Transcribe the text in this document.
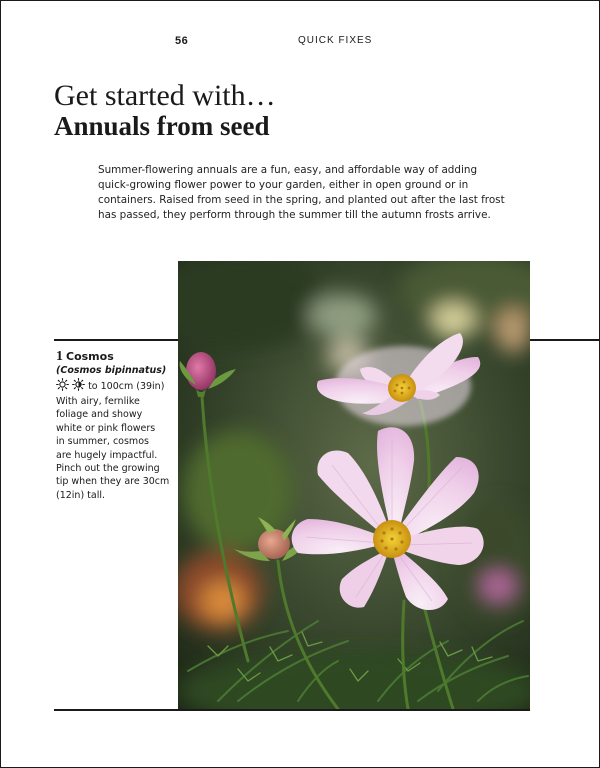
56	QUICK FIXES
Get started with…
Annuals from seed
Summer-flowering annuals are a fun, easy, and affordable way of adding
quick-growing flower power to your garden, either in open ground or in
containers. Raised from seed in the spring, and planted out after the last frost
has passed, they perform through the summer till the autumn frosts arrive.
1 Cosmos
(Cosmos bipinnatus)
to 100cm (39in)
With airy, fernlike
foliage and showy
white or pink flowers
in summer, cosmos
are hugely impactful.
Pinch out the growing
tip when they are 30cm
(12in) tall.
